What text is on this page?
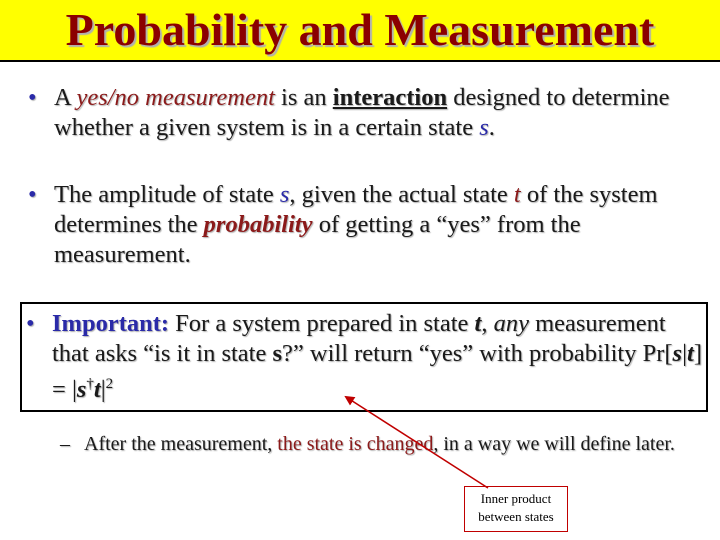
Probability and Measurement
• A yes/no measurement is an interaction designed to determine whether a given system is in a certain state s.
• The amplitude of state s, given the actual state t of the system determines the probability of getting a “yes” from the measurement.
• Important: For a system prepared in state t, any measurement that asks “is it in state s?” will return “yes” with probability $Pr[s|t] = |s^\dagger t|^2$
– After the measurement, the state is changed, in a way we will define later.
Inner product between states
